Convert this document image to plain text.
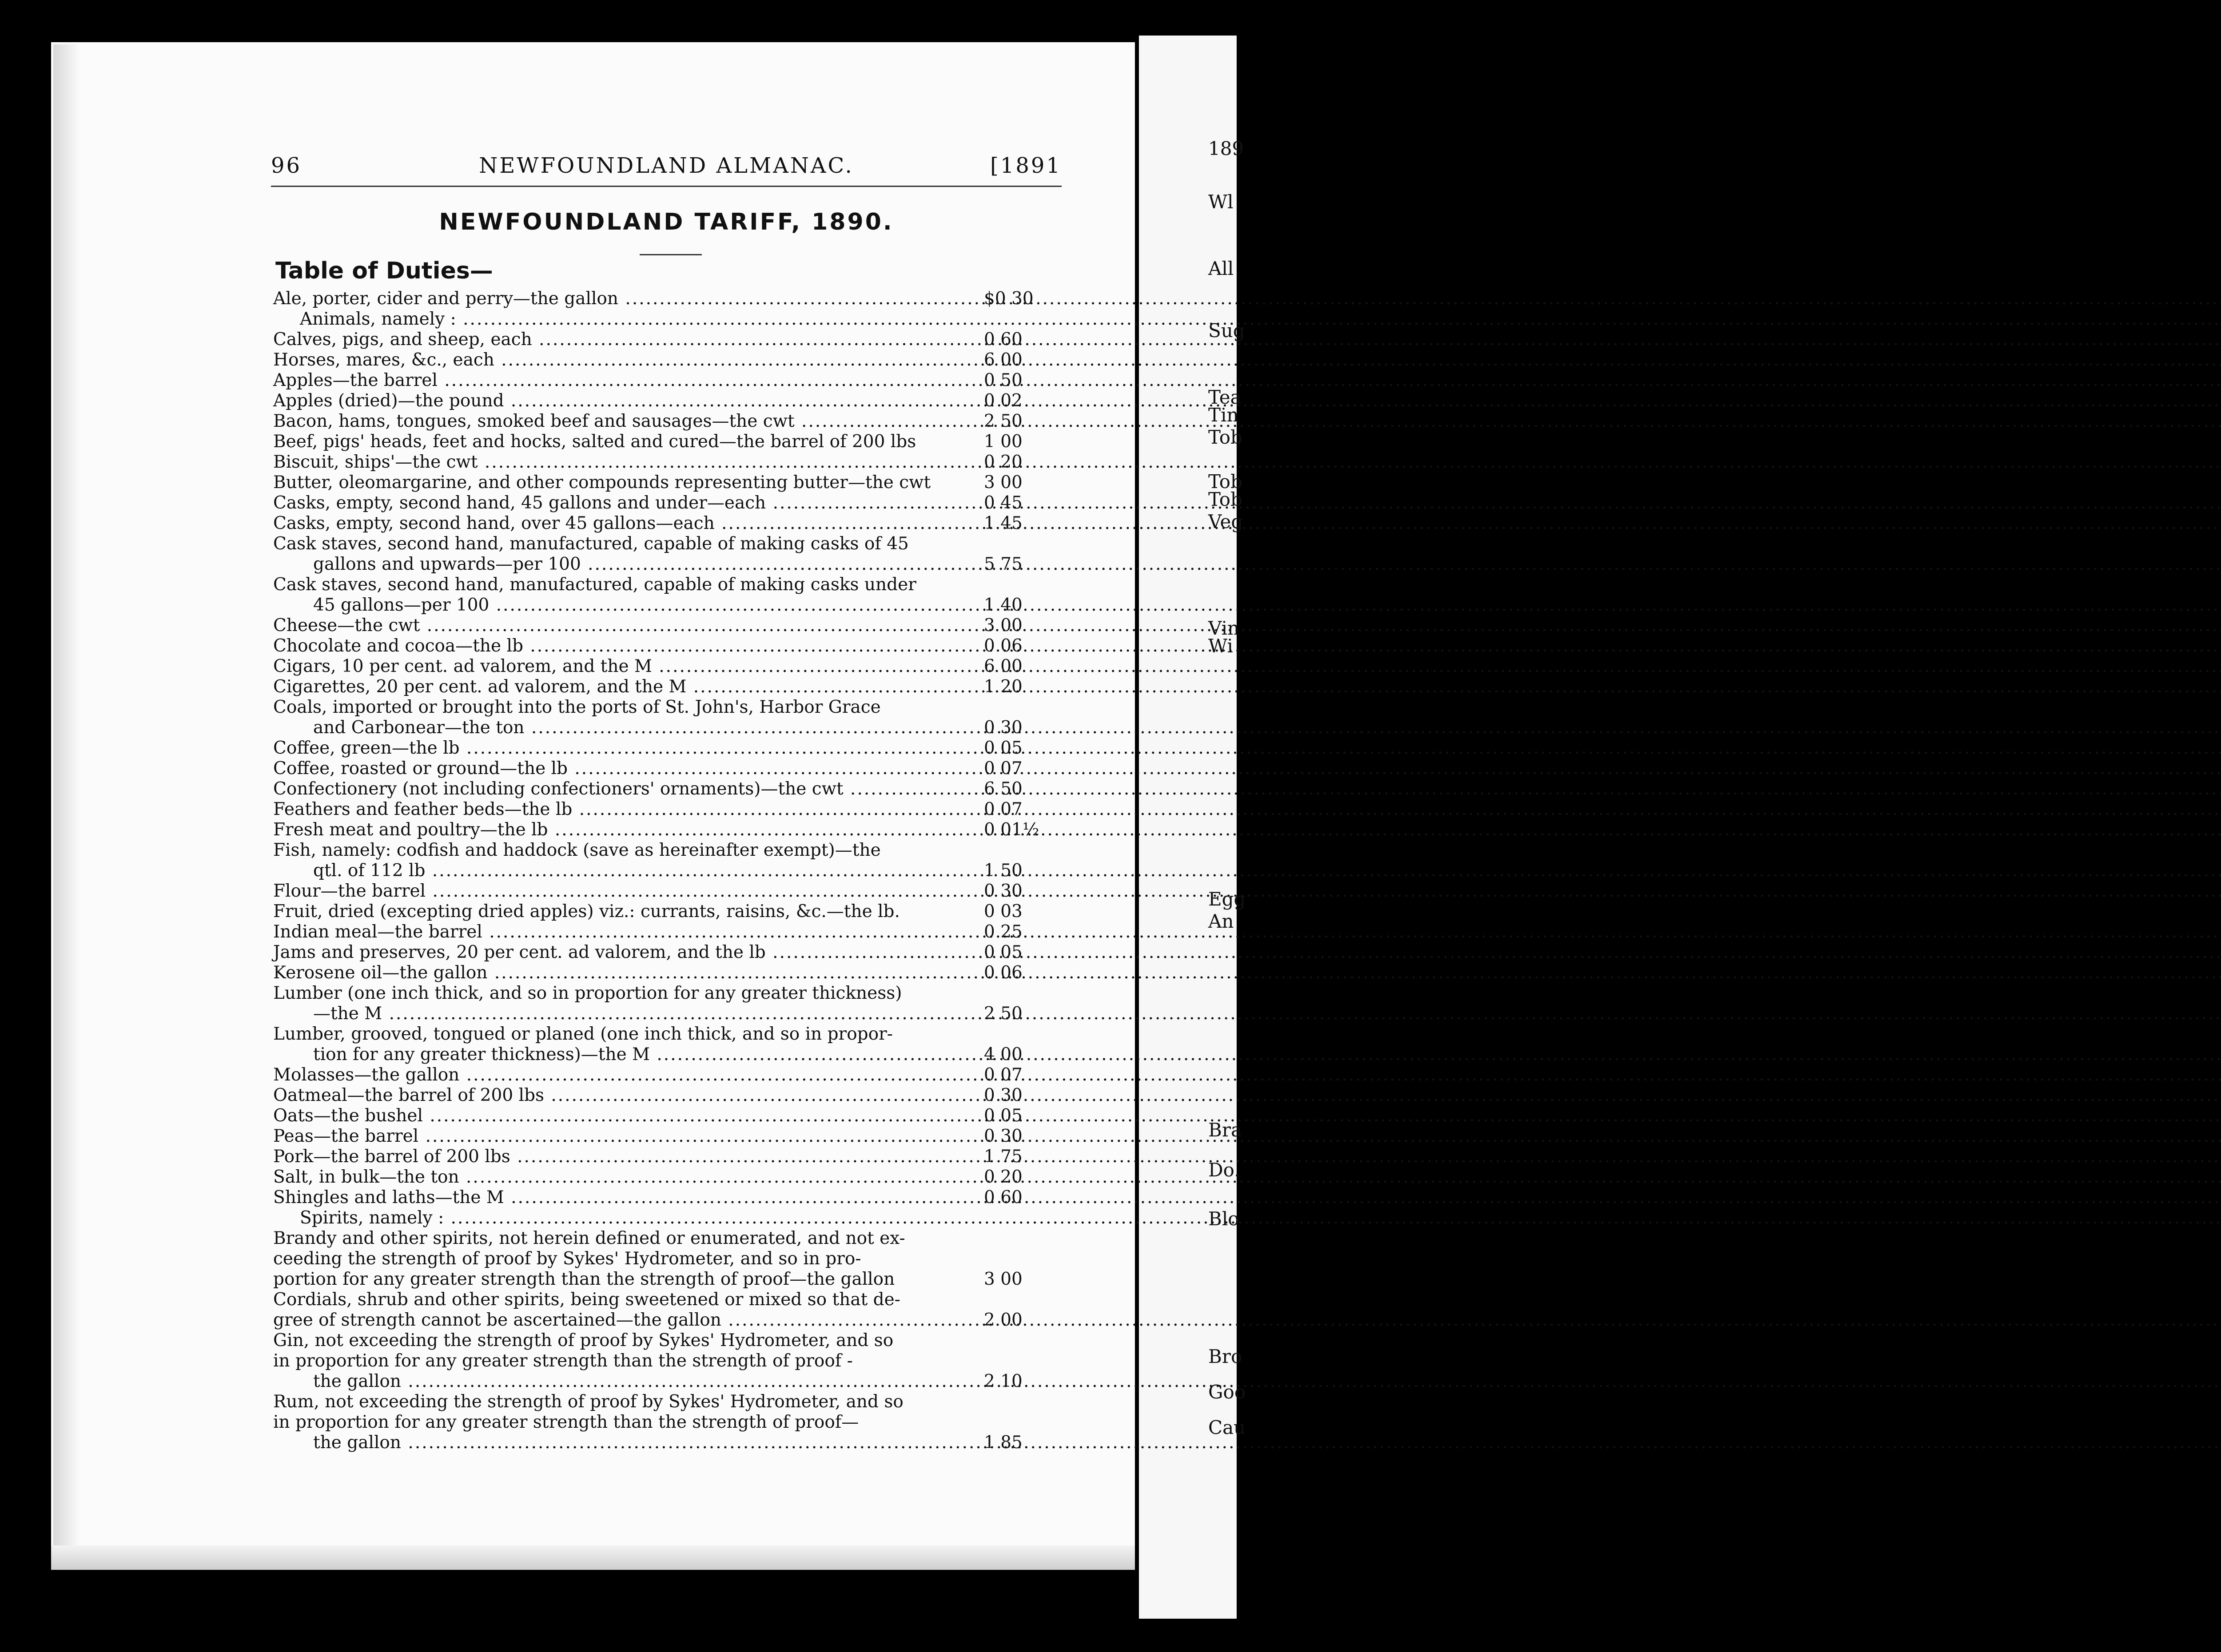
96	NEWFOUNDLAND ALMANAC.	[1891
NEWFOUNDLAND TARIFF, 1890.
Table of Duties—
Ale, porter, cider and perry—the gallon .....	$0 30
Animals, namely : .....
Calves, pigs, and sheep, each .....	0 60
Horses, mares, &c., each .....	6 00
Apples—the barrel .....	0 50
Apples (dried)—the pound .....	0 02
Bacon, hams, tongues, smoked beef and sausages—the cwt .....	2 50
Beef, pigs' heads, feet and hocks, salted and cured—the barrel of 200 lbs	1 00
Biscuit, ships'—the cwt .....	0 20
Butter, oleomargarine, and other compounds representing butter—the cwt	3 00
Casks, empty, second hand, 45 gallons and under—each .....	0 45
Casks, empty, second hand, over 45 gallons—each .....	1 45
Cask staves, second hand, manufactured, capable of making casks of 45
gallons and upwards—per 100 .....	5 75
Cask staves, second hand, manufactured, capable of making casks under
45 gallons—per 100 .....	1 40
Cheese—the cwt .....	3 00
Chocolate and cocoa—the lb .....	0 06
Cigars, 10 per cent. ad valorem, and the M .....	6 00
Cigarettes, 20 per cent. ad valorem, and the M .....	1 20
Coals, imported or brought into the ports of St. John's, Harbor Grace
and Carbonear—the ton .....	0 30
Coffee, green—the lb .....	0 05
Coffee, roasted or ground—the lb .....	0 07
Confectionery (not including confectioners' ornaments)—the cwt .....	6 50
Feathers and feather beds—the lb .....	0 07
Fresh meat and poultry—the lb .....	0 01½
Fish, namely: codfish and haddock (save as hereinafter exempt)—the
qtl. of 112 lb .....	1 50
Flour—the barrel .....	0 30
Fruit, dried (excepting dried apples) viz.: currants, raisins, &c.—the lb.	0 03
Indian meal—the barrel .....	0 25
Jams and preserves, 20 per cent. ad valorem, and the lb .....	0 05
Kerosene oil—the gallon .....	0 06
Lumber (one inch thick, and so in proportion for any greater thickness)
—the M .....	2 50
Lumber, grooved, tongued or planed (one inch thick, and so in propor-
tion for any greater thickness)—the M .....	4 00
Molasses—the gallon .....	0 07
Oatmeal—the barrel of 200 lbs .....	0 30
Oats—the bushel .....	0 05
Peas—the barrel .....	0 30
Pork—the barrel of 200 lbs .....	1 75
Salt, in bulk—the ton .....	0 20
Shingles and laths—the M .....	0 60
Spirits, namely : .....
Brandy and other spirits, not herein defined or enumerated, and not ex-
ceeding the strength of proof by Sykes' Hydrometer, and so in pro-
portion for any greater strength than the strength of proof—the gallon	3 00
Cordials, shrub and other spirits, being sweetened or mixed so that de-
gree of strength cannot be ascertained—the gallon .....	2 00
Gin, not exceeding the strength of proof by Sykes' Hydrometer, and so
in proportion for any greater strength than the strength of proof -
the gallon .....	2 10
Rum, not exceeding the strength of proof by Sykes' Hydrometer, and so
in proportion for any greater strength than the strength of proof—
the gallon .....	1 85
189
Wl
All
Sug
Tea
Tin
Tob
Tob
Tob
Veg
Vin
Wi
Egg
An
Bra
Do.
Blo
Bro
Goo
Cau
